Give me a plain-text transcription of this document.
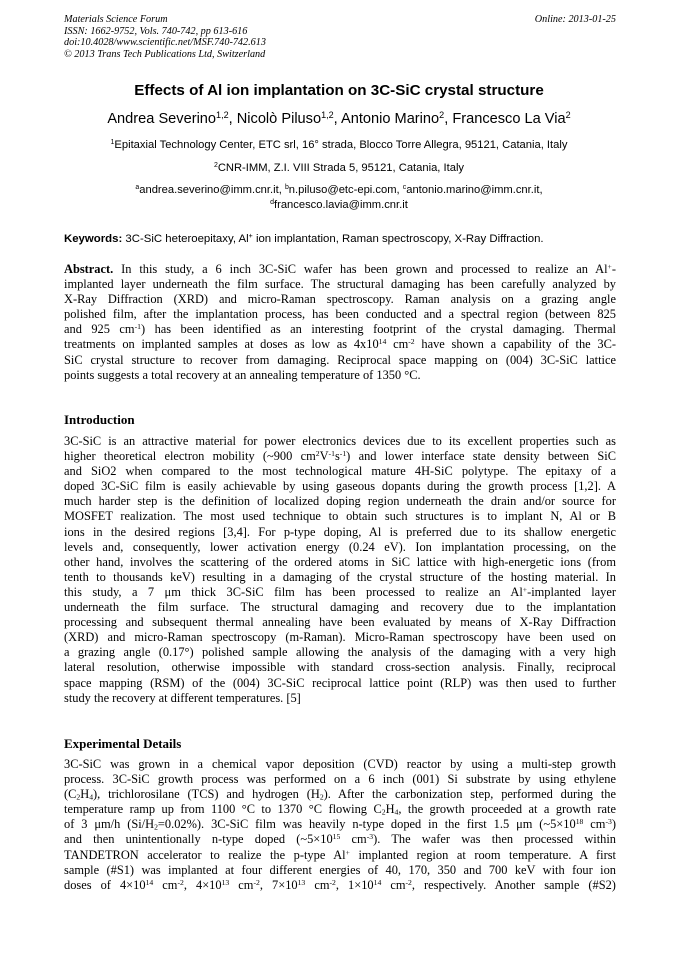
Materials Science Forum
ISSN: 1662-9752, Vols. 740-742, pp 613-616
doi:10.4028/www.scientific.net/MSF.740-742.613
© 2013 Trans Tech Publications Ltd, Switzerland
Online: 2013-01-25
Effects of Al ion implantation on 3C-SiC crystal structure
Andrea Severino$^{1,2}$, Nicolò Piluso$^{1,2}$, Antonio Marino$^2$, Francesco La Via$^2$
$^1$Epitaxial Technology Center, ETC srl, 16° strada, Blocco Torre Allegra, 95121, Catania, Italy
$^2$CNR-IMM, Z.I. VIII Strada 5, 95121, Catania, Italy
$^a$andrea.severino@imm.cnr.it, $^b$n.piluso@etc-epi.com, $^c$antonio.marino@imm.cnr.it,
$^d$francesco.lavia@imm.cnr.it
Keywords: 3C-SiC heteroepitaxy, Al+ ion implantation, Raman spectroscopy, X-Ray Diffraction.
Abstract. In this study, a 6 inch 3C-SiC wafer has been grown and processed to realize an Al+-
implanted layer underneath the film surface. The structural damaging has been carefully analyzed by
X-Ray Diffraction (XRD) and micro-Raman spectroscopy. Raman analysis on a grazing angle
polished film, after the implantation process, has been conducted and a spectral region (between 825
and 925 $cm^{-1}$) has been identified as an interesting footprint of the crystal damaging. Thermal
treatments on implanted samples at doses as low as $4x10^{14}$ $cm^{-2}$ have shown a capability of the 3C-
SiC crystal structure to recover from damaging. Reciprocal space mapping on (004) 3C-SiC lattice
points suggests a total recovery at an annealing temperature of 1350 °C.
Introduction
3C-SiC is an attractive material for power electronics devices due to its excellent properties such as
higher theoretical electron mobility (~900 $cm^2V^{-1}s^{-1}$) and lower interface state density between SiC
and SiO2 when compared to the most technological mature 4H-SiC polytype. The epitaxy of a
doped 3C-SiC film is easily achievable by using gaseous dopants during the growth process [1,2]. A
much harder step is the definition of localized doping region underneath the drain and/or source for
MOSFET realization. The most used technique to obtain such structures is to implant N, Al or B
ions in the desired regions [3,4]. For p-type doping, Al is preferred due to its shallow energetic
levels and, consequently, lower activation energy (0.24 eV). Ion implantation processing, on the
other hand, involves the scattering of the ordered atoms in SiC lattice with high-energetic ions (from
tenth to thousands keV) resulting in a damaging of the crystal structure of the hosting material. In
this study, a 7 μm thick 3C-SiC film has been processed to realize an Al+-implanted layer
underneath the film surface. The structural damaging and recovery due to the implantation
processing and subsequent thermal annealing have been evaluated by means of X-Ray Diffraction
(XRD) and micro-Raman spectroscopy (m-Raman). Micro-Raman spectroscopy have been used on
a grazing angle (0.17°) polished sample allowing the analysis of the damaging with a very high
lateral resolution, otherwise impossible with standard cross-section analysis. Finally, reciprocal
space mapping (RSM) of the (004) 3C-SiC reciprocal lattice point (RLP) was then used to further
study the recovery at different temperatures. [5]
Experimental Details
3C-SiC was grown in a chemical vapor deposition (CVD) reactor by using a multi-step growth
process. 3C-SiC growth process was performed on a 6 inch (001) Si substrate by using ethylene
$(C_2H_4)$, trichlorosilane (TCS) and hydrogen $(H_2)$. After the carbonization step, performed during the
temperature ramp up from 1100 °C to 1370 °C flowing $C_2H_4$, the growth proceeded at a growth rate
of 3 μm/h $(Si/H_2=0.02\%)$. 3C-SiC film was heavily n-type doped in the first 1.5 μm ($\sim 5\times 10^{18}$ $cm^{-3}$)
and then unintentionally n-type doped ($\sim 5\times 10^{15}$ $cm^{-3}$). The wafer was then processed within
TANDETRON accelerator to realize the p-type Al+ implanted region at room temperature. A first
sample (#S1) was implanted at four different energies of 40, 170, 350 and 700 keV with four ion
doses of $4\times 10^{14}$ $cm^{-2}$, $4\times 10^{13}$ $cm^{-2}$, $7\times 10^{13}$ $cm^{-2}$, $1\times 10^{14}$ $cm^{-2}$, respectively. Another sample (#S2)
